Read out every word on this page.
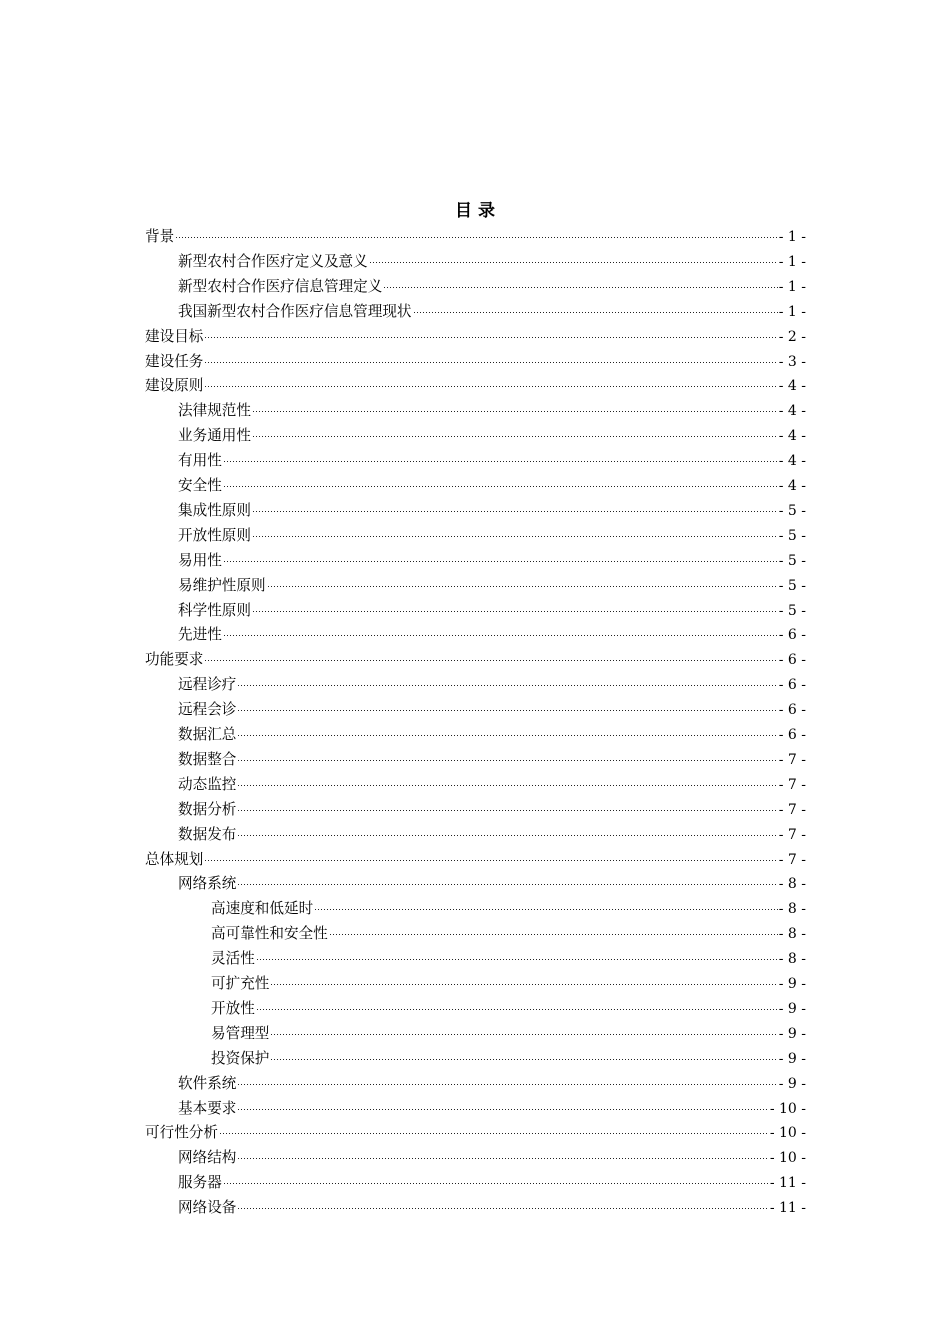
目 录
背景	- 1 -
新型农村合作医疗定义及意义	- 1 -
新型农村合作医疗信息管理定义	- 1 -
我国新型农村合作医疗信息管理现状	- 1 -
建设目标	- 2 -
建设任务	- 3 -
建设原则	- 4 -
法律规范性	- 4 -
业务通用性	- 4 -
有用性	- 4 -
安全性	- 4 -
集成性原则	- 5 -
开放性原则	- 5 -
易用性	- 5 -
易维护性原则	- 5 -
科学性原则	- 5 -
先进性	- 6 -
功能要求	- 6 -
远程诊疗	- 6 -
远程会诊	- 6 -
数据汇总	- 6 -
数据整合	- 7 -
动态监控	- 7 -
数据分析	- 7 -
数据发布	- 7 -
总体规划	- 7 -
网络系统	- 8 -
高速度和低延时	- 8 -
高可靠性和安全性	- 8 -
灵活性	- 8 -
可扩充性	- 9 -
开放性	- 9 -
易管理型	- 9 -
投资保护	- 9 -
软件系统	- 9 -
基本要求	- 10 -
可行性分析	- 10 -
网络结构	- 10 -
服务器	- 11 -
网络设备	- 11 -
